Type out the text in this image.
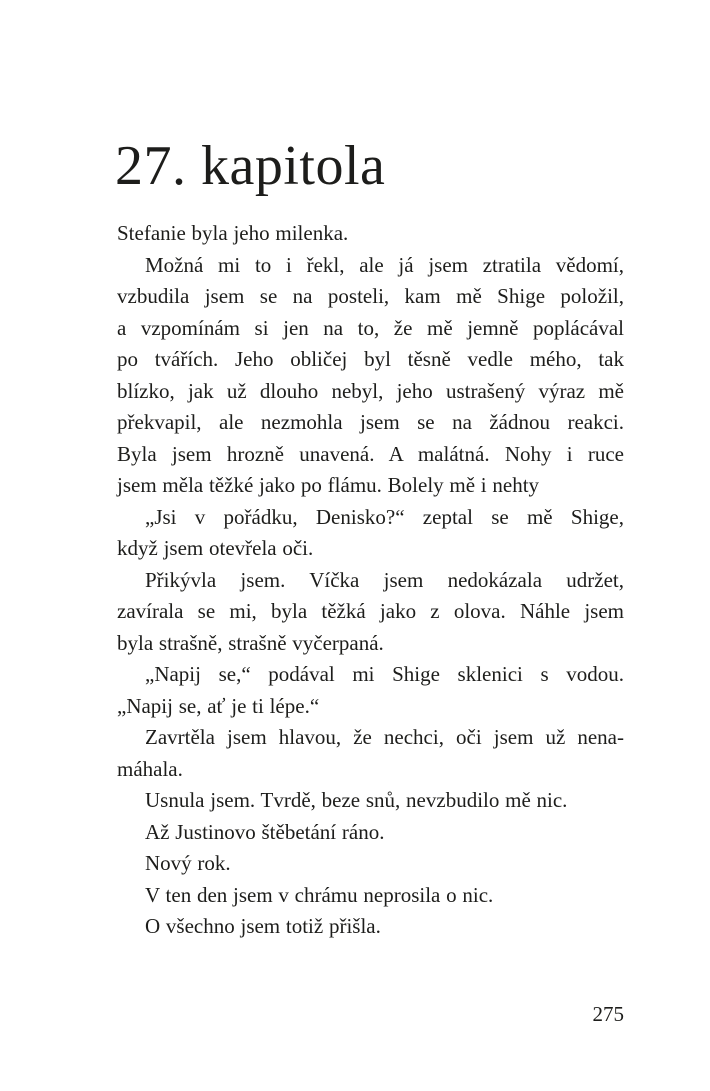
27. kapitola
Stefanie byla jeho milenka.
Možná mi to i řekl, ale já jsem ztratila vědomí,
vzbudila jsem se na posteli, kam mě Shige položil,
a vzpomínám si jen na to, že mě jemně poplácával
po tvářích. Jeho obličej byl těsně vedle mého, tak
blízko, jak už dlouho nebyl, jeho ustrašený výraz mě
překvapil, ale nezmohla jsem se na žádnou reakci.
Byla jsem hrozně unavená. A malátná. Nohy i ruce
jsem měla těžké jako po flámu. Bolely mě i nehty
„Jsi v pořádku, Denisko?“ zeptal se mě Shige,
když jsem otevřela oči.
Přikývla jsem. Víčka jsem nedokázala udržet,
zavírala se mi, byla těžká jako z olova. Náhle jsem
byla strašně, strašně vyčerpaná.
„Napij se,“ podával mi Shige sklenici s vodou.
„Napij se, ať je ti lépe.“
Zavrtěla jsem hlavou, že nechci, oči jsem už nena-
máhala.
Usnula jsem. Tvrdě, beze snů, nevzbudilo mě nic.
Až Justinovo štěbetání ráno.
Nový rok.
V ten den jsem v chrámu neprosila o nic.
O všechno jsem totiž přišla.
275
